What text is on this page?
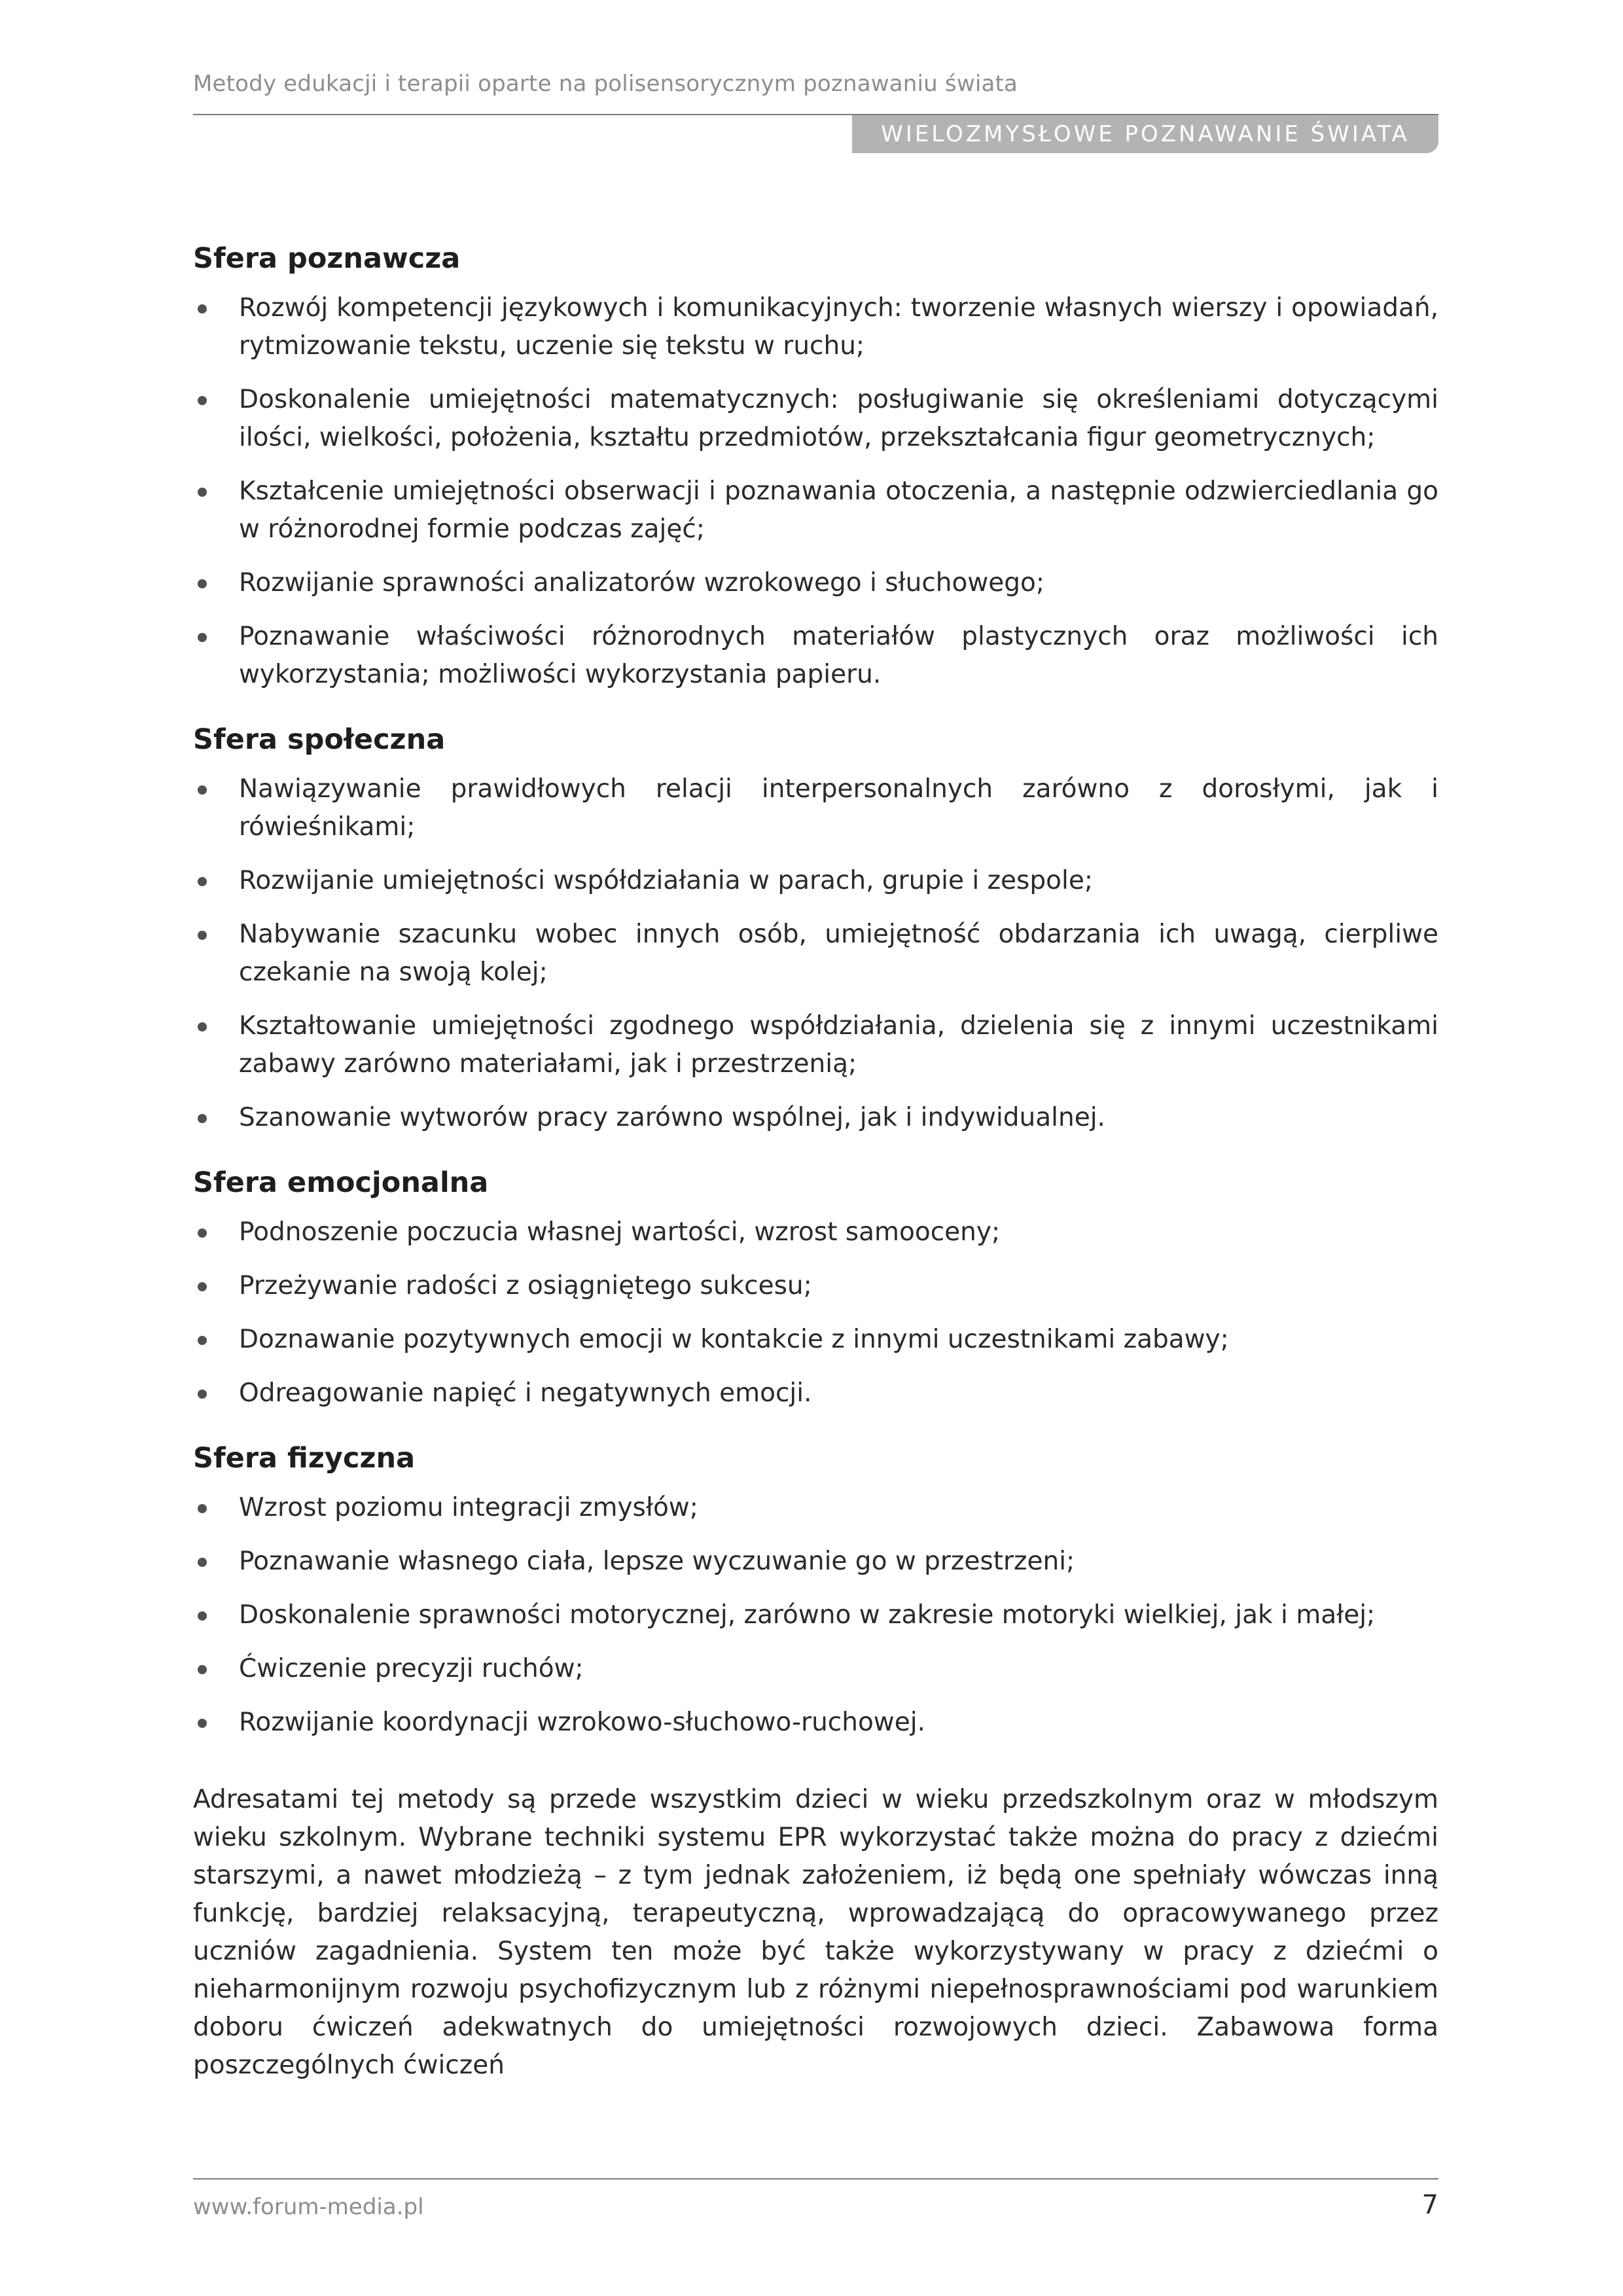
Metody edukacji i terapii oparte na polisensorycznym poznawaniu świata
WIELOZMYSŁOWE POZNAWANIE ŚWIATA
Sfera poznawcza
Rozwój kompetencji językowych i komunikacyjnych: tworzenie własnych wierszy i opowiadań, rytmizowanie tekstu, uczenie się tekstu w ruchu;
Doskonalenie umiejętności matematycznych: posługiwanie się określeniami dotyczącymi ilości, wielkości, położenia, kształtu przedmiotów, przekształcania figur geometrycznych;
Kształcenie umiejętności obserwacji i poznawania otoczenia, a następnie odzwierciedlania go w różnorodnej formie podczas zajęć;
Rozwijanie sprawności analizatorów wzrokowego i słuchowego;
Poznawanie właściwości różnorodnych materiałów plastycznych oraz możliwości ich wykorzystania; możliwości wykorzystania papieru.
Sfera społeczna
Nawiązywanie prawidłowych relacji interpersonalnych zarówno z dorosłymi, jak i rówieśnikami;
Rozwijanie umiejętności współdziałania w parach, grupie i zespole;
Nabywanie szacunku wobec innych osób, umiejętność obdarzania ich uwagą, cierpliwe czekanie na swoją kolej;
Kształtowanie umiejętności zgodnego współdziałania, dzielenia się z innymi uczestnikami zabawy zarówno materiałami, jak i przestrzenią;
Szanowanie wytworów pracy zarówno wspólnej, jak i indywidualnej.
Sfera emocjonalna
Podnoszenie poczucia własnej wartości, wzrost samooceny;
Przeżywanie radości z osiągniętego sukcesu;
Doznawanie pozytywnych emocji w kontakcie z innymi uczestnikami zabawy;
Odreagowanie napięć i negatywnych emocji.
Sfera fizyczna
Wzrost poziomu integracji zmysłów;
Poznawanie własnego ciała, lepsze wyczuwanie go w przestrzeni;
Doskonalenie sprawności motorycznej, zarówno w zakresie motoryki wielkiej, jak i małej;
Ćwiczenie precyzji ruchów;
Rozwijanie koordynacji wzrokowo-słuchowo-ruchowej.
Adresatami tej metody są przede wszystkim dzieci w wieku przedszkolnym oraz w młodszym wieku szkolnym. Wybrane techniki systemu EPR wykorzystać także można do pracy z dziećmi starszymi, a nawet młodzieżą – z tym jednak założeniem, iż będą one spełniały wówczas inną funkcję, bardziej relaksacyjną, terapeutyczną, wprowadzającą do opracowywanego przez uczniów zagadnienia. System ten może być także wykorzystywany w pracy z dziećmi o nieharmonijnym rozwoju psychofizycznym lub z różnymi niepełnosprawnościami pod warunkiem doboru ćwiczeń adekwatnych do umiejętności rozwojowych dzieci. Zabawowa forma poszczególnych ćwiczeń
www.forum-media.pl	7
